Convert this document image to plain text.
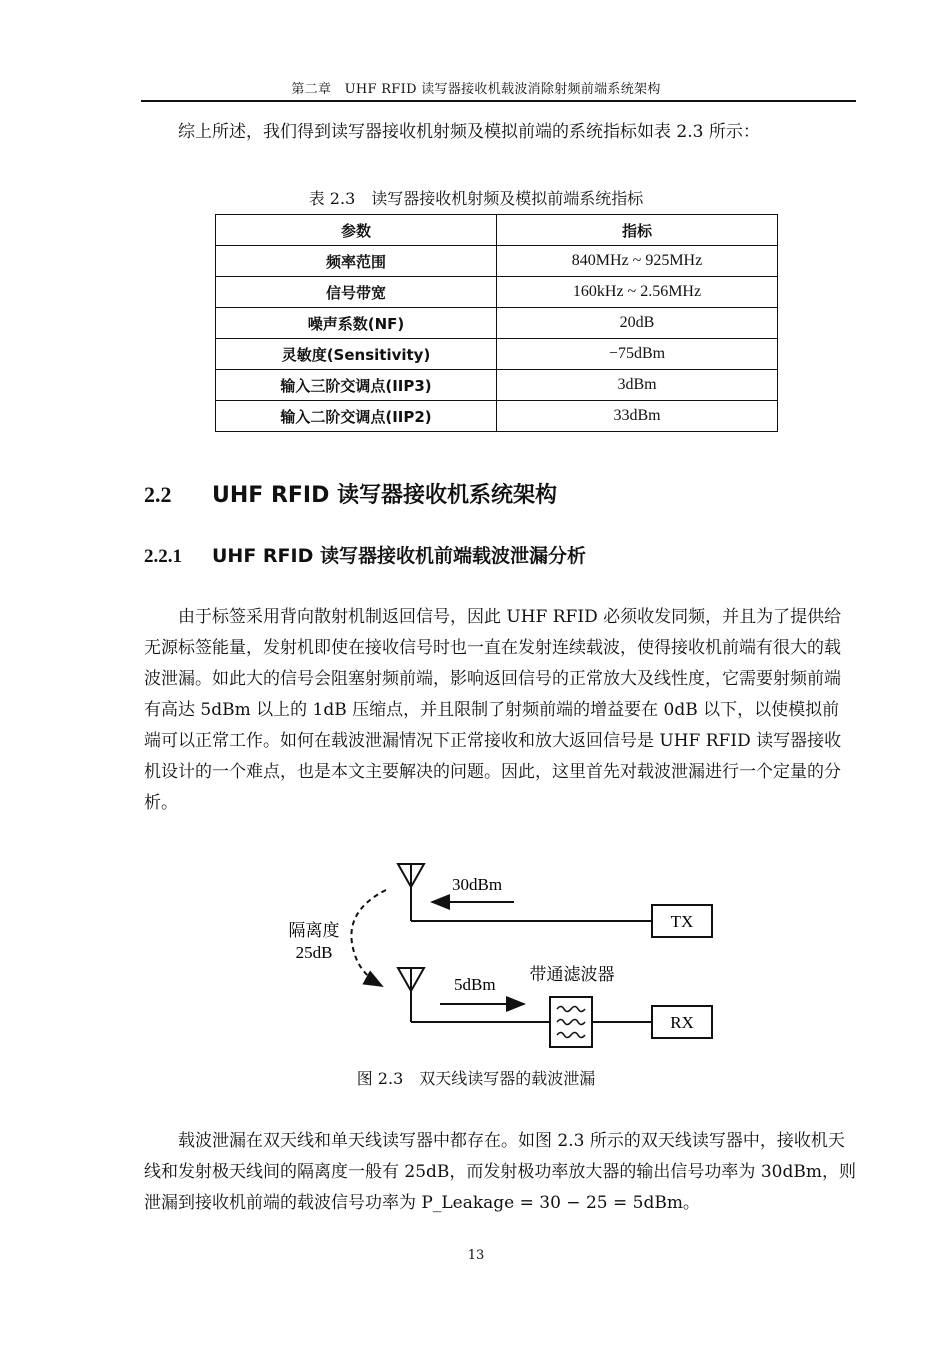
第二章　UHF RFID 读写器接收机载波消除射频前端系统架构

综上所述，我们得到读写器接收机射频及模拟前端的系统指标如表 2.3 所示：

表 2.3　读写器接收机射频及模拟前端系统指标
参数	指标
频率范围	840MHz ~ 925MHz
信号带宽	160kHz ~ 2.56MHz
噪声系数(NF)	20dB
灵敏度(Sensitivity)	−75dBm
输入三阶交调点(IIP3)	3dBm
输入二阶交调点(IIP2)	33dBm
2.2 UHF RFID 读写器接收机系统架构
2.2.1 UHF RFID 读写器接收机前端载波泄漏分析

由于标签采用背向散射机制返回信号，因此 UHF RFID 必须收发同频，并且为了提供给无源标签能量，发射机即使在接收信号时也一直在发射连续载波，使得接收机前端有很大的载波泄漏。如此大的信号会阻塞射频前端，影响返回信号的正常放大及线性度，它需要射频前端有高达 5dBm 以上的 1dB 压缩点，并且限制了射频前端的增益要在 0dB 以下，以使模拟前端可以正常工作。如何在载波泄漏情况下正常接收和放大返回信号是 UHF RFID 读写器接收机设计的一个难点，也是本文主要解决的问题。因此，这里首先对载波泄漏进行一个定量的分析。

30dBm
TX
隔离度
25dB
5dBm
带通滤波器
RX
图 2.3　双天线读写器的载波泄漏

载波泄漏在双天线和单天线读写器中都存在。如图 2.3 所示的双天线读写器中，接收机天线和发射极天线间的隔离度一般有 25dB，而发射极功率放大器的输出信号功率为 30dBm，则泄漏到接收机前端的载波信号功率为 P_Leakage = 30 − 25 = 5dBm。

13
